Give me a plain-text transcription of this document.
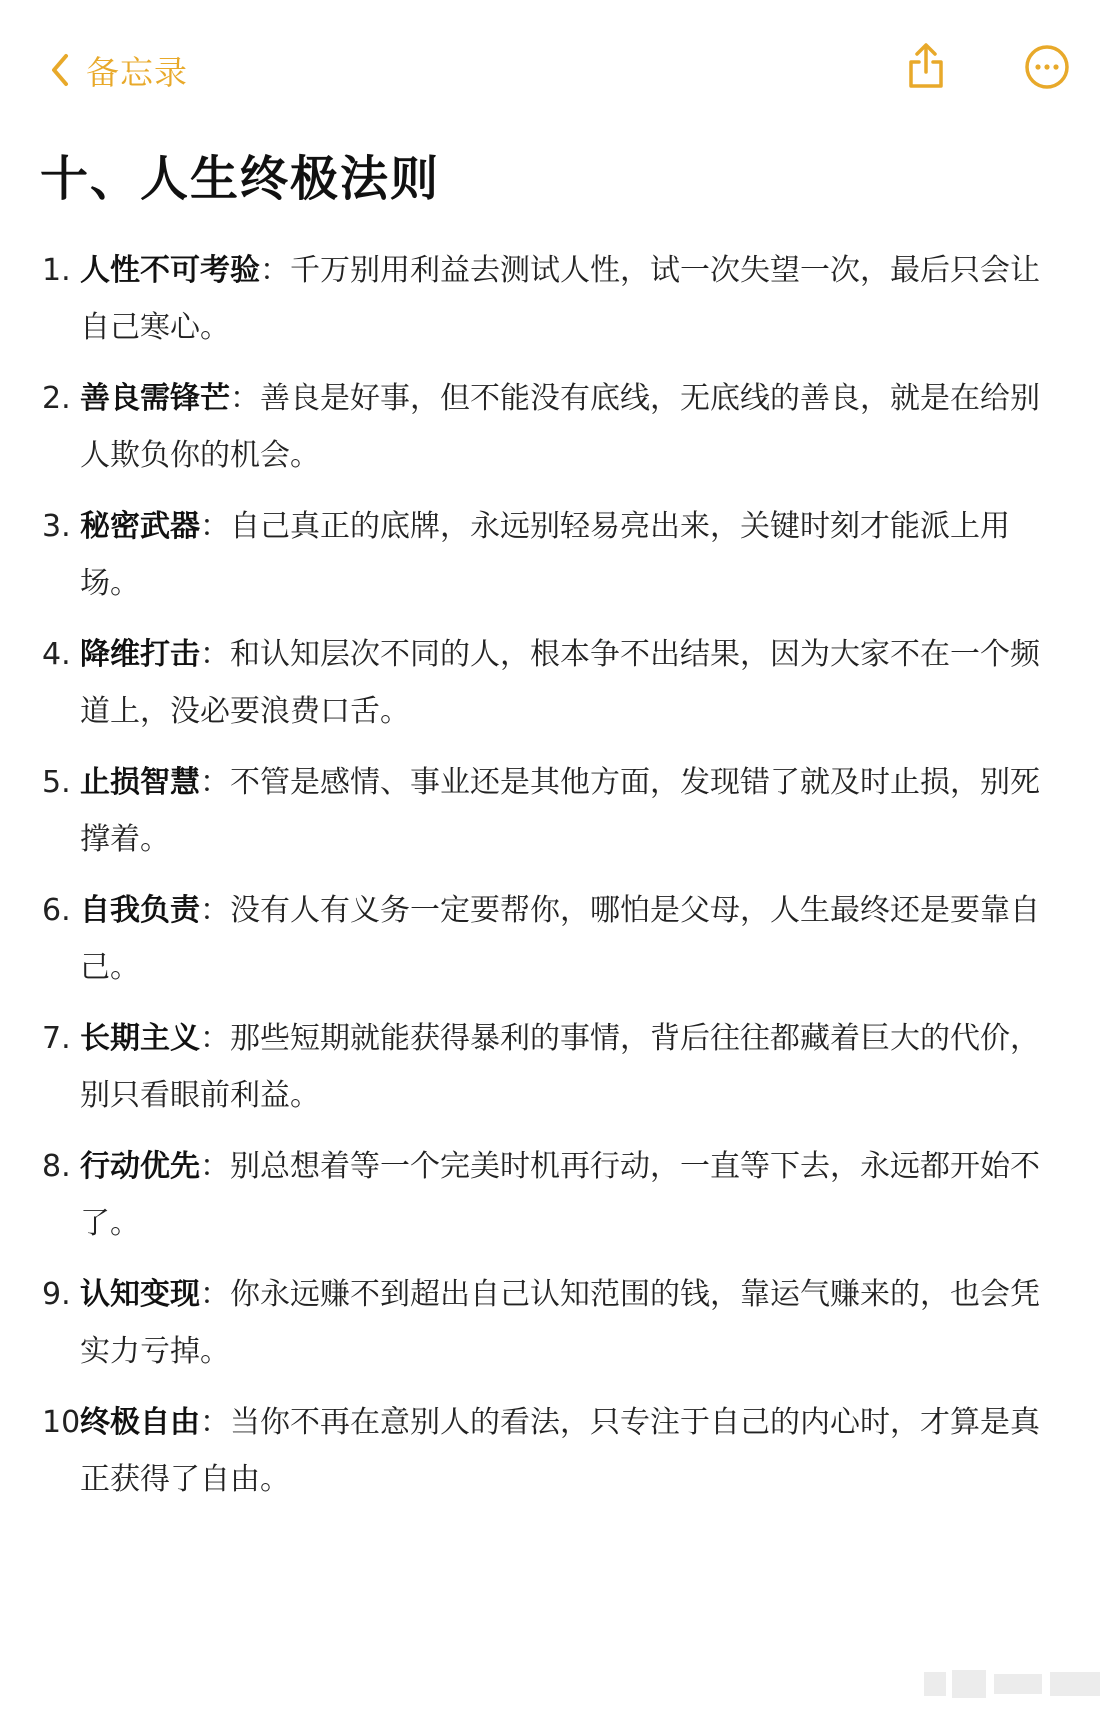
备忘录
十、人生终极法则
1. 人性不可考验：千万别用利益去测试人性，试一次失望一次，最后只会让自己寒心。
2. 善良需锋芒：善良是好事，但不能没有底线，无底线的善良，就是在给别人欺负你的机会。
3. 秘密武器：自己真正的底牌，永远别轻易亮出来，关键时刻才能派上用场。
4. 降维打击：和认知层次不同的人，根本争不出结果，因为大家不在一个频道上，没必要浪费口舌。
5. 止损智慧：不管是感情、事业还是其他方面，发现错了就及时止损，别死撑着。
6. 自我负责：没有人有义务一定要帮你，哪怕是父母，人生最终还是要靠自己。
7. 长期主义：那些短期就能获得暴利的事情，背后往往都藏着巨大的代价，别只看眼前利益。
8. 行动优先：别总想着等一个完美时机再行动，一直等下去，永远都开始不了。
9. 认知变现：你永远赚不到超出自己认知范围的钱，靠运气赚来的，也会凭实力亏掉。
10 终极自由：当你不再在意别人的看法，只专注于自己的内心时，才算是真正获得了自由。
